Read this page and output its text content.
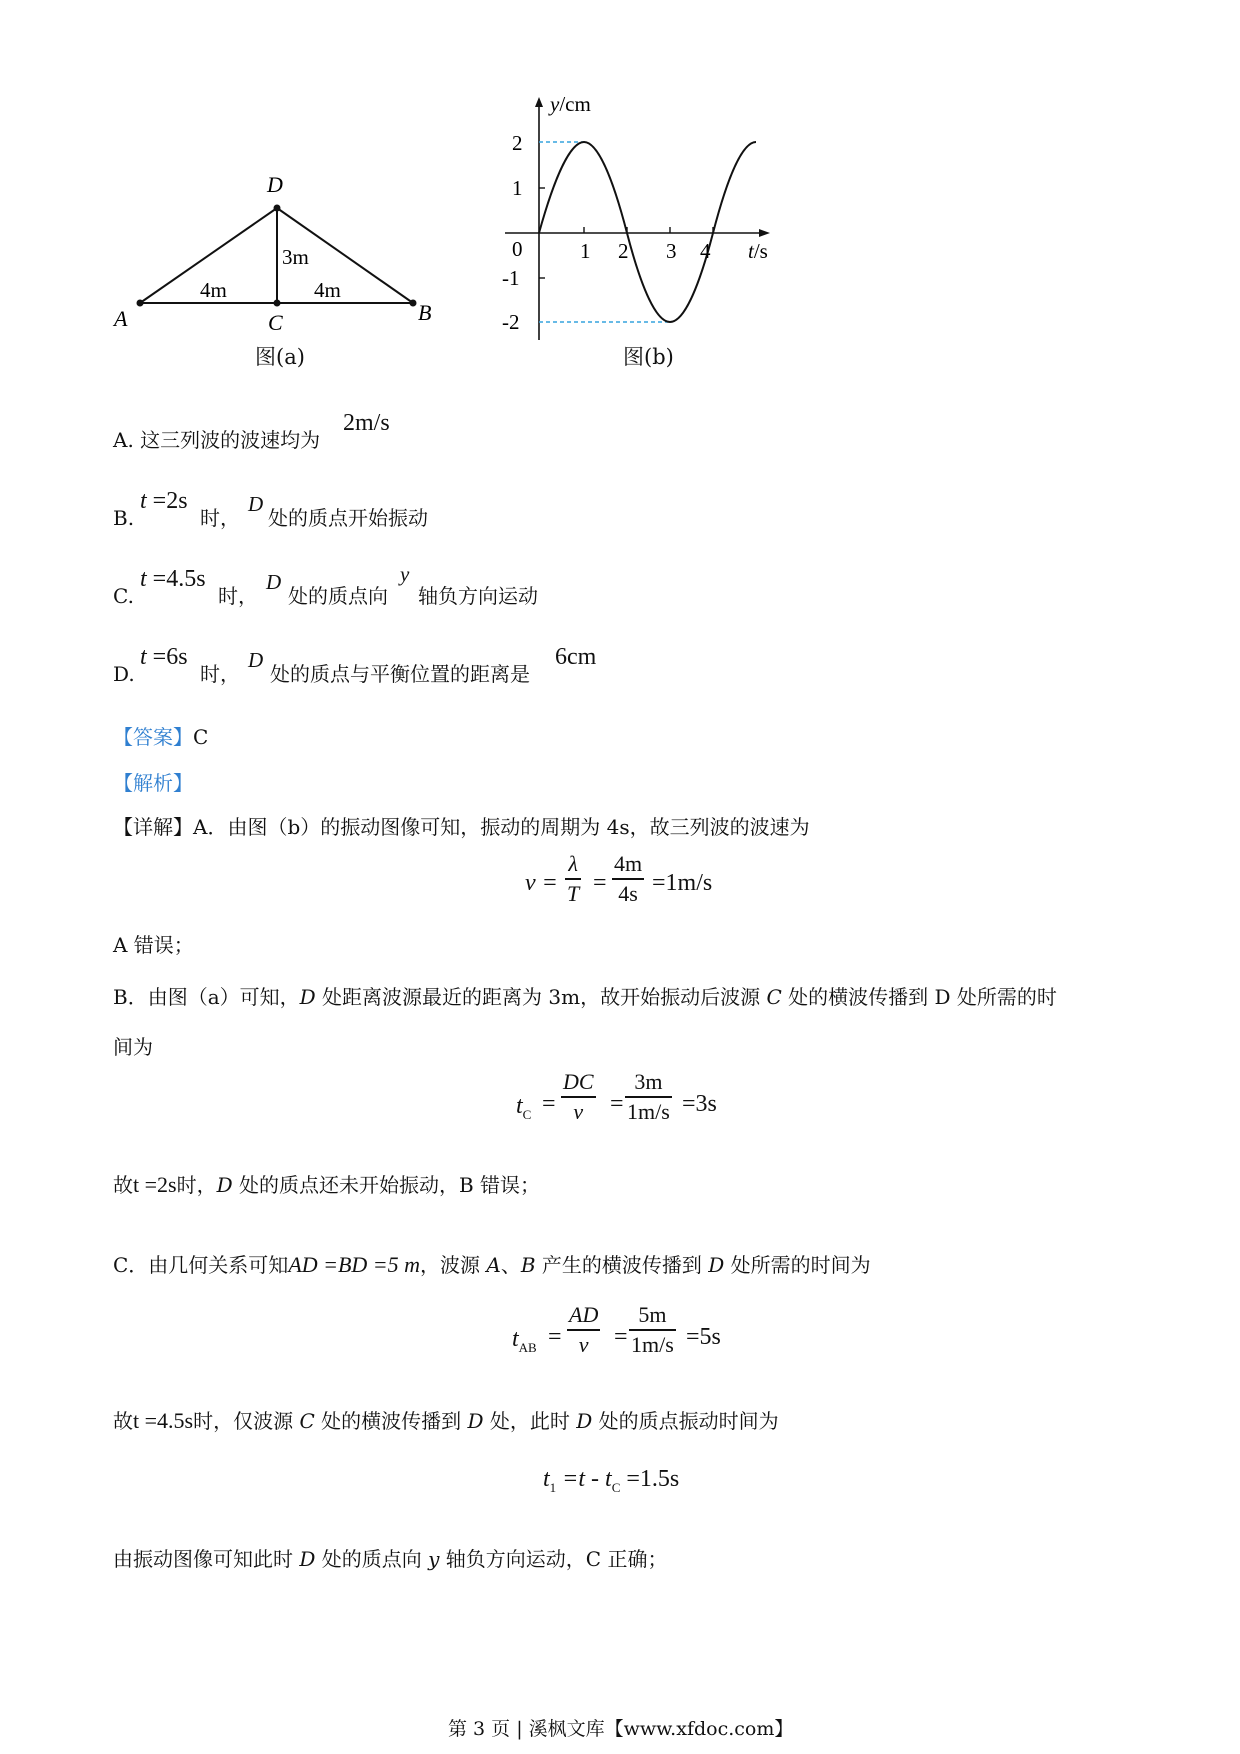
D
A	B
C
3m
4m	4m
图(a)
y/cm
t/s
0	1 2 3 4
2
1
-1
-2
图(b)
A. 这三列波的波速均为
2m/s
B.
t =2s
时，
D
处的质点开始振动
C.
t =4.5s
时，
D
处的质点向
y
轴负方向运动
D.
t =6s
时，
D
处的质点与平衡位置的距离是
6cm
【答案】C
【解析】
【详解】A．由图（b）的振动图像可知，振动的周期为 4s，故三列波的波速为
v =
λ
T =
4m
4s =1m/s
A 错误；
B．由图（a）可知，D 处距离波源最近的距离为 3m，故开始振动后波源 C 处的横波传播到 D 处所需的时
间为
$t_C$ =
DC
v =
3m
1m/s =3s
故t =2s时，D 处的质点还未开始振动，B 错误；
C．由几何关系可知AD =BD =5 m，波源 A、B 产生的横波传播到 D 处所需的时间为
$t_{AB}$ =
AD
v =
5m
1m/s =5s
故t =4.5s时，仅波源 C 处的横波传播到 D 处，此时 D 处的质点振动时间为
$t_1 =t - t_C =1.5s$
由振动图像可知此时 D 处的质点向 y 轴负方向运动，C 正确；
第 3 页 | 溪枫文库【www.xfdoc.com】
